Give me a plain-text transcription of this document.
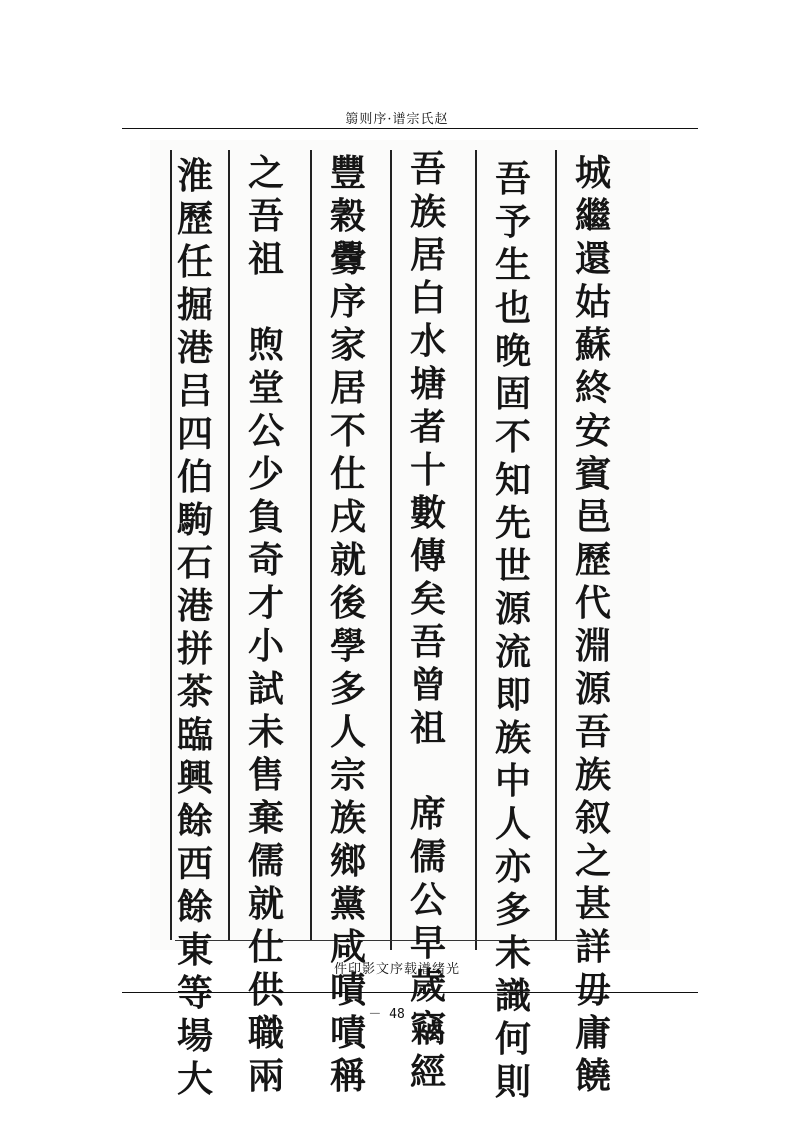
篛则序·谱宗氏赵
城
繼
還
姑
蘇
終
安
賓
邑
歷
代
淵
源
吾
族
叙
之
甚
詳
毋
庸
饒
吾
予
生
也
晚
固
不
知
先
世
源
流
即
族
中
人
亦
多
未
識
何
則
吾
族
居
白
水
塘
者
十
數
傳
矣
吾
曾
祖

席
儒
公
早
歲
竊
經
豐
穀
釁
序
家
居
不
仕
戌
就
後
學
多
人
宗
族
鄉
黨
咸
嘖
嘖
稱
之
吾
祖

煦
堂
公
少
負
奇
才
小
試
未
售
棄
儒
就
仕
供
職
兩
淮
歷
任
掘
港
吕
四
伯
駒
石
港
拼
茶
臨
興
餘
西
餘
東
等
場
大
件印影文序载谱绪光
－ 48 －
